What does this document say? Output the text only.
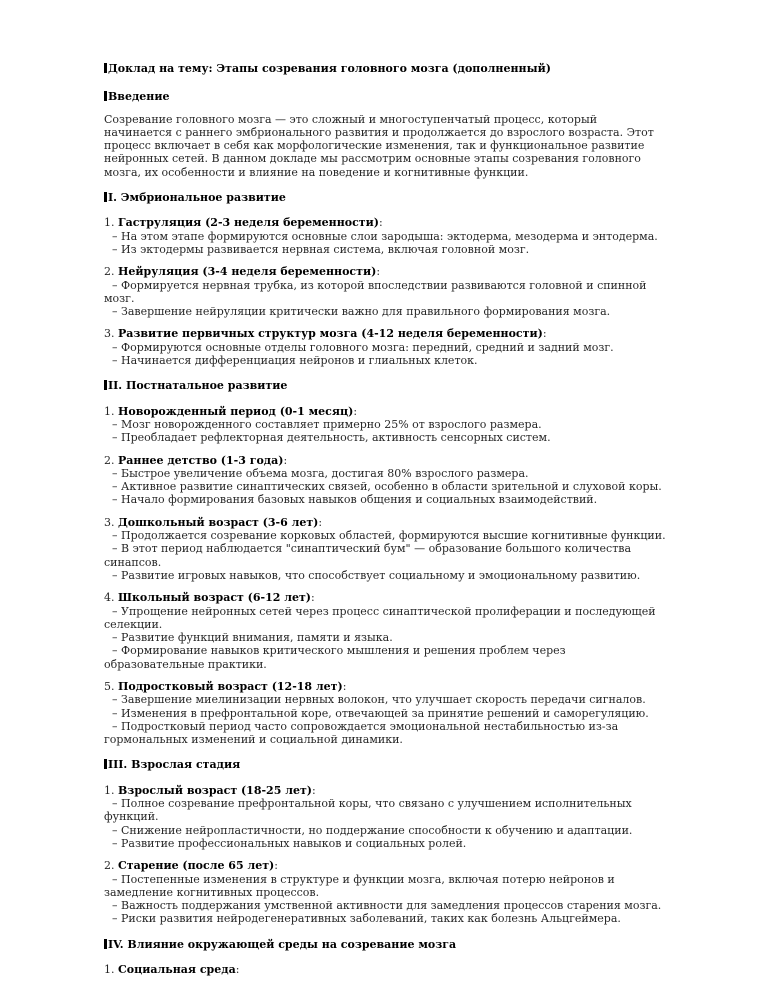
Доклад на тему: Этапы созревания головного мозга (дополненный)

Введение

Созревание головного мозга — это сложный и многоступенчатый процесс, который начинается с раннего эмбрионального развития и продолжается до взрослого возраста. Этот процесс включает в себя как морфологические изменения, так и функциональное развитие нейронных сетей. В данном докладе мы рассмотрим основные этапы созревания головного мозга, их особенности и влияние на поведение и когнитивные функции.

I. Эмбриональное развитие

1. Гаструляция (2-3 неделя беременности):

– На этом этапе формируются основные слои зародыша: эктодерма, мезодерма и энтодерма.

– Из эктодермы развивается нервная система, включая головной мозг.

2. Нейруляция (3-4 неделя беременности):

– Формируется нервная трубка, из которой впоследствии развиваются головной и спинной мозг.

– Завершение нейруляции критически важно для правильного формирования мозга.

3. Развитие первичных структур мозга (4-12 неделя беременности):

– Формируются основные отделы головного мозга: передний, средний и задний мозг.

– Начинается дифференциация нейронов и глиальных клеток.

II. Постнатальное развитие

1. Новорожденный период (0-1 месяц):

– Мозг новорожденного составляет примерно 25% от взрослого размера.

– Преобладает рефлекторная деятельность, активность сенсорных систем.

2. Раннее детство (1-3 года):

– Быстрое увеличение объема мозга, достигая 80% взрослого размера.

– Активное развитие синаптических связей, особенно в области зрительной и слуховой коры.

– Начало формирования базовых навыков общения и социальных взаимодействий.

3. Дошкольный возраст (3-6 лет):

– Продолжается созревание корковых областей, формируются высшие когнитивные функции.

– В этот период наблюдается "синаптический бум" — образование большого количества синапсов.

– Развитие игровых навыков, что способствует социальному и эмоциональному развитию.

4. Школьный возраст (6-12 лет):

– Упрощение нейронных сетей через процесс синаптической пролиферации и последующей селекции.

– Развитие функций внимания, памяти и языка.

– Формирование навыков критического мышления и решения проблем через образовательные практики.

5. Подростковый возраст (12-18 лет):

– Завершение миелинизации нервных волокон, что улучшает скорость передачи сигналов.

– Изменения в префронтальной коре, отвечающей за принятие решений и саморегуляцию.

– Подростковый период часто сопровождается эмоциональной нестабильностью из-за гормональных изменений и социальной динамики.

III. Взрослая стадия

1. Взрослый возраст (18-25 лет):

– Полное созревание префронтальной коры, что связано с улучшением исполнительных функций.

– Снижение нейропластичности, но поддержание способности к обучению и адаптации.

– Развитие профессиональных навыков и социальных ролей.

2. Старение (после 65 лет):

– Постепенные изменения в структуре и функции мозга, включая потерю нейронов и замедление когнитивных процессов.

– Важность поддержания умственной активности для замедления процессов старения мозга.

– Риски развития нейродегенеративных заболеваний, таких как болезнь Альцгеймера.

IV. Влияние окружающей среды на созревание мозга

1. Социальная среда:
